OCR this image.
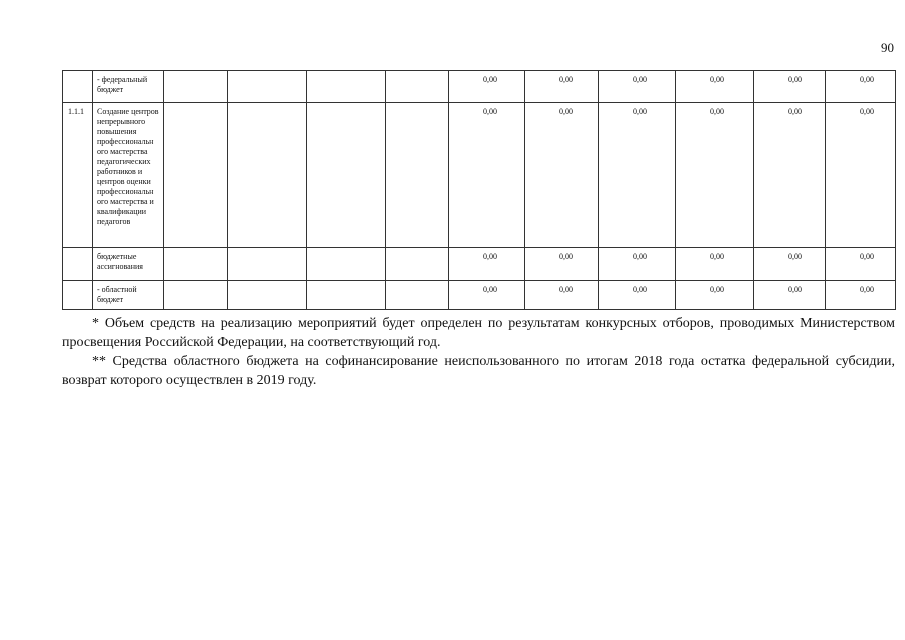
90
	- федеральный бюджет					0,00	0,00	0,00	0,00	0,00	0,00
1.1.1	Создание центров непрерывного повышения профессиональн ого мастерства педагогических работников и центров оценки профессиональн ого мастерства и квалификации педагогов					0,00	0,00	0,00	0,00	0,00	0,00
	бюджетные ассигнования					0,00	0,00	0,00	0,00	0,00	0,00
	- областной бюджет					0,00	0,00	0,00	0,00	0,00	0,00

* Объем средств на реализацию мероприятий будет определен по результатам конкурсных отборов, проводимых Министерством просвещения Российской Федерации, на соответствующий год.

** Средства областного бюджета на софинансирование неиспользованного по итогам 2018 года остатка федеральной субсидии, возврат которого осуществлен в 2019 году.
